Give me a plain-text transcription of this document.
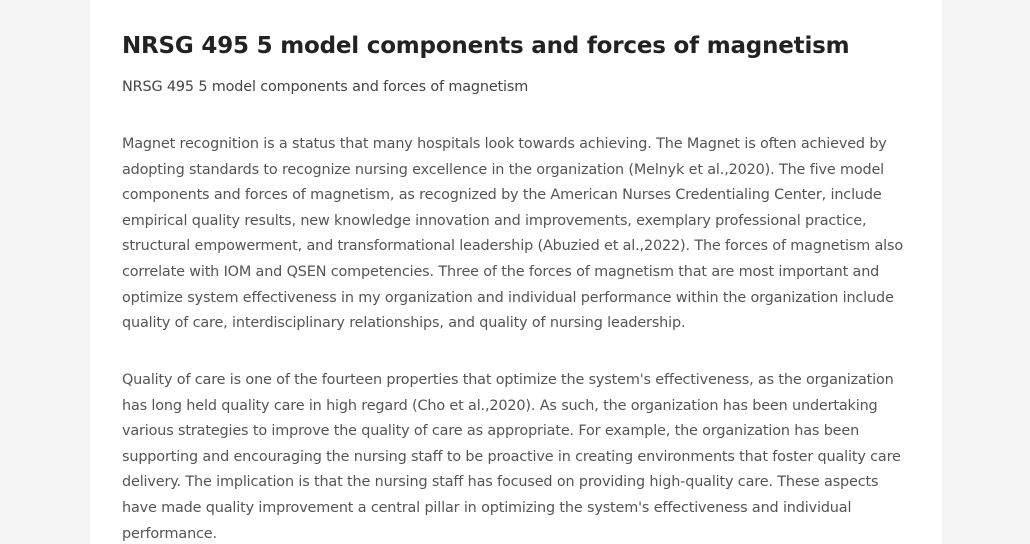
NRSG 495 5 model components and forces of magnetism
NRSG 495 5 model components and forces of magnetism

Magnet recognition is a status that many hospitals look towards achieving. The Magnet is often achieved by
adopting standards to recognize nursing excellence in the organization (Melnyk et al.,2020). The five model
components and forces of magnetism, as recognized by the American Nurses Credentialing Center, include
empirical quality results, new knowledge innovation and improvements, exemplary professional practice,
structural empowerment, and transformational leadership (Abuzied et al.,2022). The forces of magnetism also
correlate with IOM and QSEN competencies. Three of the forces of magnetism that are most important and
optimize system effectiveness in my organization and individual performance within the organization include
quality of care, interdisciplinary relationships, and quality of nursing leadership.

Quality of care is one of the fourteen properties that optimize the system's effectiveness, as the organization
has long held quality care in high regard (Cho et al.,2020). As such, the organization has been undertaking
various strategies to improve the quality of care as appropriate. For example, the organization has been
supporting and encouraging the nursing staff to be proactive in creating environments that foster quality care
delivery. The implication is that the nursing staff has focused on providing high-quality care. These aspects
have made quality improvement a central pillar in optimizing the system's effectiveness and individual
performance.
